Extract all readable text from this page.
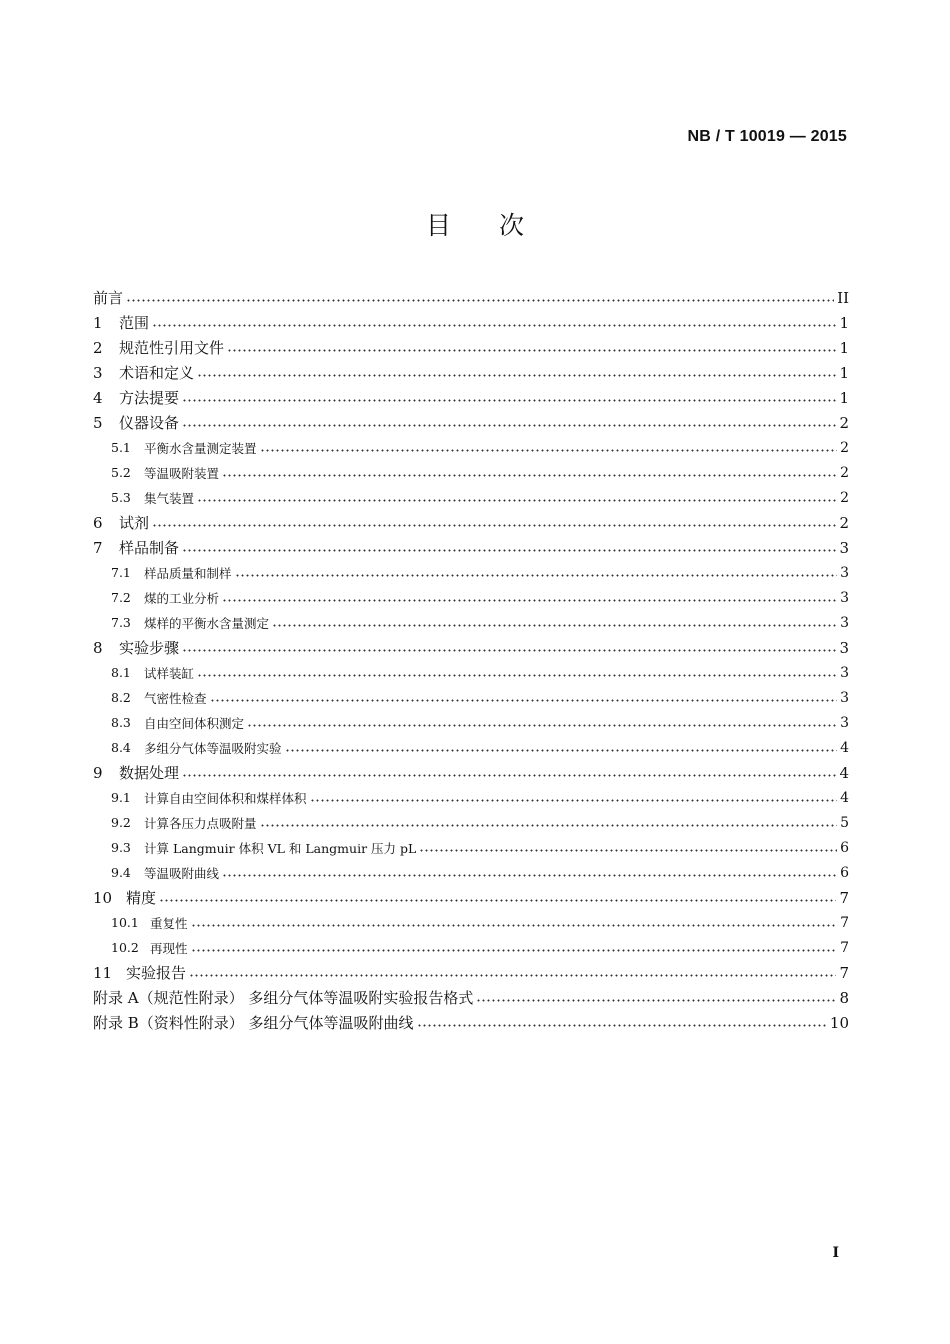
NB / T 10019 — 2015
目次
前言	II
1	范围	1
2	规范性引用文件	1
3	术语和定义	1
4	方法提要	1
5	仪器设备	2
5.1	平衡水含量测定装置	2
5.2	等温吸附装置	2
5.3	集气装置	2
6	试剂	2
7	样品制备	3
7.1	样品质量和制样	3
7.2	煤的工业分析	3
7.3	煤样的平衡水含量测定	3
8	实验步骤	3
8.1	试样装缸	3
8.2	气密性检查	3
8.3	自由空间体积测定	3
8.4	多组分气体等温吸附实验	4
9	数据处理	4
9.1	计算自由空间体积和煤样体积	4
9.2	计算各压力点吸附量	5
9.3	计算 Langmuir 体积 VL 和 Langmuir 压力 pL	6
9.4	等温吸附曲线	6
10 精度	7
10.1 重复性	7
10.2 再现性	7
11 实验报告	7
附录 A（规范性附录） 多组分气体等温吸附实验报告格式	8
附录 B（资料性附录） 多组分气体等温吸附曲线	10
I
